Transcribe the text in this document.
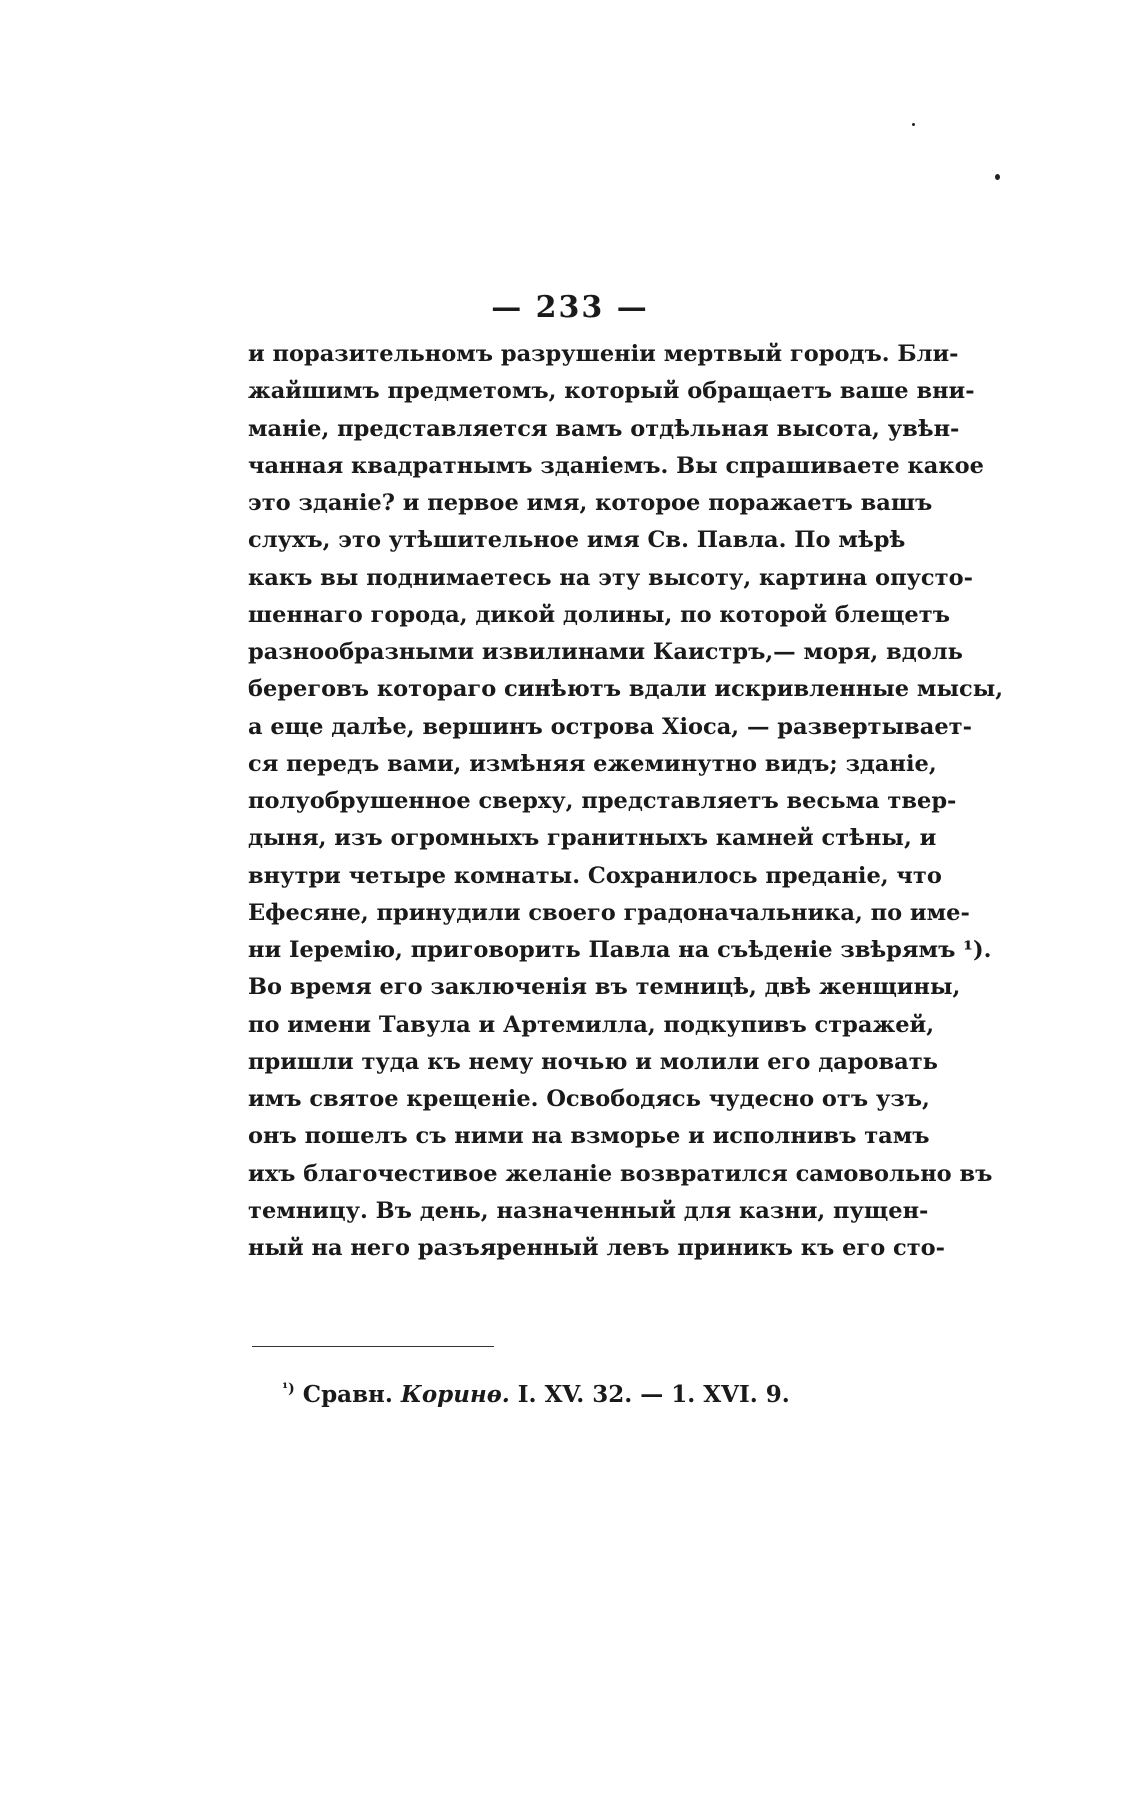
— 233 —
и поразительномъ разрушеніи мертвый городъ. Бли-
жайшимъ предметомъ, который обращаетъ ваше вни-
маніе, представляется вамъ отдѣльная высота, увѣн-
чанная квадратнымъ зданіемъ. Вы спрашиваете какое
это зданіе? и первое имя, которое поражаетъ вашъ
слухъ, это утѣшительное имя Св. Павла. По мѣрѣ
какъ вы поднимаетесь на эту высоту, картина опусто-
шеннаго города, дикой долины, по которой блещетъ
разнообразными извилинами Каистръ,— моря, вдоль
береговъ котораго синѣютъ вдали искривленные мысы,
а еще далѣе, вершинъ острова Хіоса, — развертывает-
ся передъ вами, измѣняя ежеминутно видъ; зданіе,
полуобрушенное сверху, представляетъ весьма твер-
дыня, изъ огромныхъ гранитныхъ камней стѣны, и
внутри четыре комнаты. Сохранилось преданіе, что
Ефесяне, принудили своего градоначальника, по име-
ни Іеремію, приговорить Павла на съѣденіе звѣрямъ ¹).
Во время его заключенія въ темницѣ, двѣ женщины,
по имени Тавула и Артемилла, подкупивъ стражей,
пришли туда къ нему ночью и молили его даровать
имъ святое крещеніе. Освободясь чудесно отъ узъ,
онъ пошелъ съ ними на взморье и исполнивъ тамъ
ихъ благочестивое желаніе возвратился самовольно въ
темницу. Въ день, назначенный для казни, пущен-
ный на него разъяренный левъ приникъ къ его сто-
$^{^1)}$ Сравн. Коринѳ. I. XV. 32. — 1. XVI. 9.
